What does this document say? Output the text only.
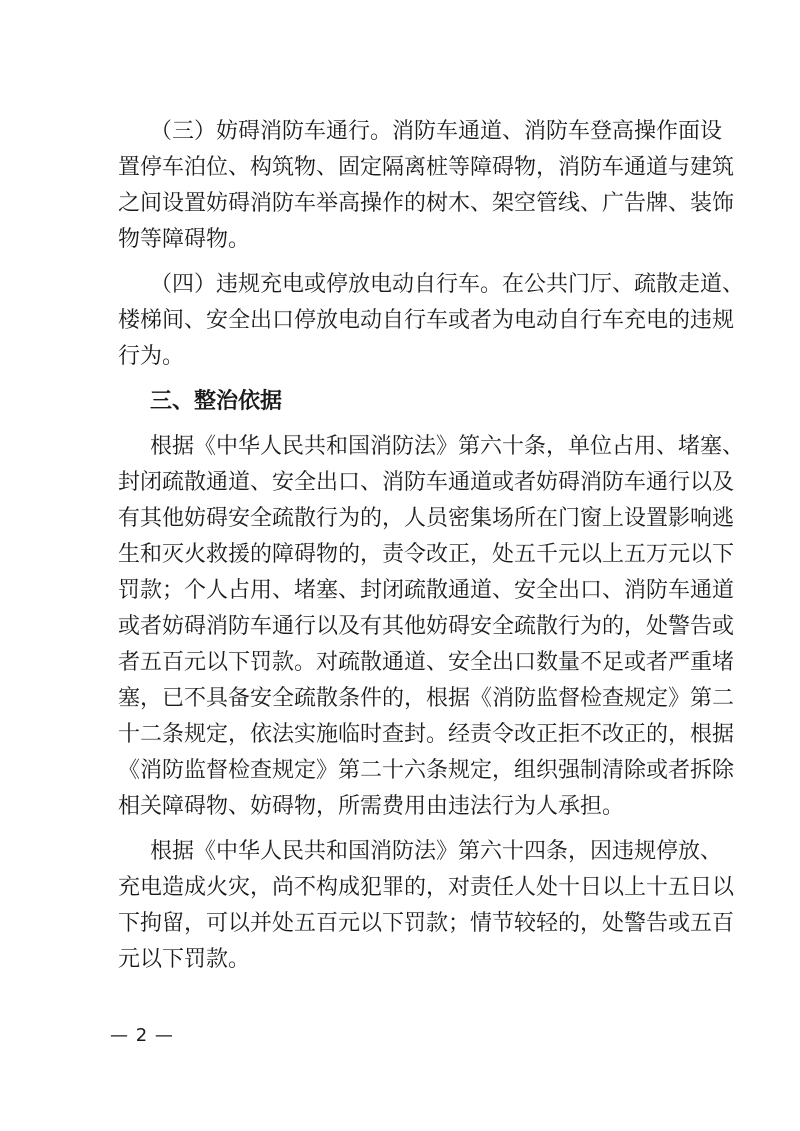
（三）妨碍消防车通行。消防车通道、消防车登高操作面设
置停车泊位、构筑物、固定隔离桩等障碍物，消防车通道与建筑
之间设置妨碍消防车举高操作的树木、架空管线、广告牌、装饰
物等障碍物。
（四）违规充电或停放电动自行车。在公共门厅、疏散走道、
楼梯间、安全出口停放电动自行车或者为电动自行车充电的违规
行为。
三、整治依据
根据《中华人民共和国消防法》第六十条，单位占用、堵塞、
封闭疏散通道、安全出口、消防车通道或者妨碍消防车通行以及
有其他妨碍安全疏散行为的，人员密集场所在门窗上设置影响逃
生和灭火救援的障碍物的，责令改正，处五千元以上五万元以下
罚款；个人占用、堵塞、封闭疏散通道、安全出口、消防车通道
或者妨碍消防车通行以及有其他妨碍安全疏散行为的，处警告或
者五百元以下罚款。对疏散通道、安全出口数量不足或者严重堵
塞，已不具备安全疏散条件的，根据《消防监督检查规定》第二
十二条规定，依法实施临时查封。经责令改正拒不改正的，根据
《消防监督检查规定》第二十六条规定，组织强制清除或者拆除
相关障碍物、妨碍物，所需费用由违法行为人承担。
根据《中华人民共和国消防法》第六十四条，因违规停放、
充电造成火灾，尚不构成犯罪的，对责任人处十日以上十五日以
下拘留，可以并处五百元以下罚款；情节较轻的，处警告或五百
元以下罚款。
— 2 —
